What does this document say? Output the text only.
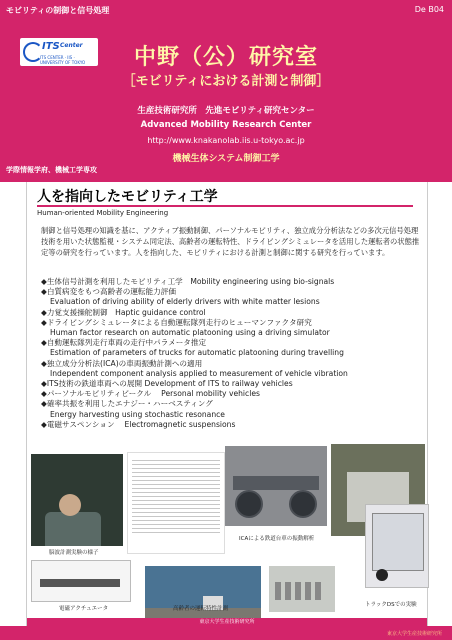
モビリティの制御と信号処理	De B04
ITS Center
ITS CENTER · IIS · UNIVERSITY OF TOKYO	中野（公）研究室
［モビリティにおける計測と制御］
生産技術研究所　先進モビリティ研究センター
Advanced Mobility Research Center
http://www.knakanolab.iis.u-tokyo.ac.jp
機械生体システム制御工学
学際情報学府、機械工学専攻
人を指向したモビリティ工学
Human-oriented Mobility Engineering
制御と信号処理の知識を基に、アクティブ振動制御、パーソナルモビリティ、独立成分分析法などの多次元信号処理技術を用いた状態監視・システム同定法、高齢者の運転特性、ドライビングシミュレータを活用した運転者の状態推定等の研究を行っています。人を指向した、モビリティにおける計測と制御に関する研究を行っています。
◆ 生体信号計測を利用したモビリティ工学　Mobility engineering using bio-signals
◆ 白質病変をもつ高齢者の運転能力評価
Evaluation of driving ability of elderly drivers with white matter lesions
◆ 力覚支援操舵制御　Haptic guidance control
◆ ドライビングシミュレータによる自動運転隊列走行のヒューマンファクタ研究
Human factor research on automatic platooning using a driving simulator
◆ 自動運転隊列走行車両の走行中パラメータ推定
Estimation of parameters of trucks for automatic platooning during travelling
◆ 独立成分分析法(ICA)の車両振動計測への適用
Independent component analysis applied to measurement of vehicle vibration
◆ ITS技術の鉄道車両への展開 Development of ITS to railway vehicles
◆ パーソナルモビリティビークル　 Personal mobility vehicles
◆ 確率共振を利用したエナジー・ハーベスティング
Energy harvesting using stochastic resonance
◆ 電磁サスペンション　 Electromagnetic suspensions
脳波計測実験の様子
ICAによる鉄道台車の振動解析
トラックDSでの実験
電磁アクチュエータ	高齢者の運転特性計測
東京大学生産技術研究所
東京大学生産技術研究所
